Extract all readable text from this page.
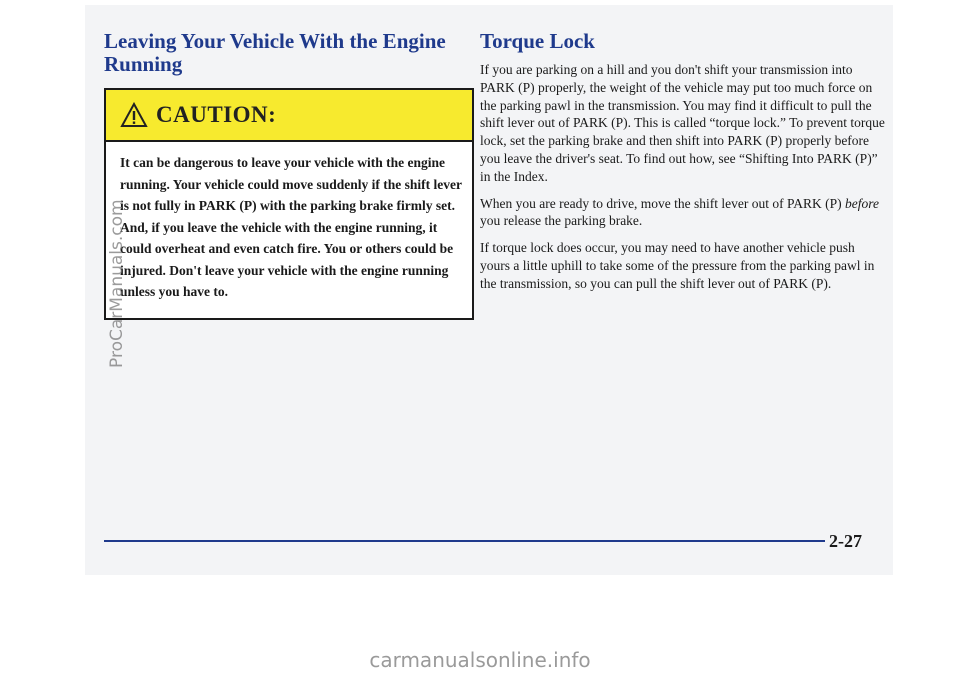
Leaving Your Vehicle With the Engine Running
CAUTION:

It can be dangerous to leave your vehicle with the engine running. Your vehicle could move suddenly if the shift lever is not fully in PARK (P) with the parking brake firmly set. And, if you leave the vehicle with the engine running, it could overheat and even catch fire. You or others could be injured. Don't leave your vehicle with the engine running unless you have to.

Torque Lock

If you are parking on a hill and you don't shift your transmission into PARK (P) properly, the weight of the vehicle may put too much force on the parking pawl in the transmission. You may find it difficult to pull the shift lever out of PARK (P). This is called “torque lock.” To prevent torque lock, set the parking brake and then shift into PARK (P) properly before you leave the driver's seat. To find out how, see “Shifting Into PARK (P)” in the Index.

When you are ready to drive, move the shift lever out of PARK (P) before you release the parking brake.

If torque lock does occur, you may need to have another vehicle push yours a little uphill to take some of the pressure from the parking pawl in the transmission, so you can pull the shift lever out of PARK (P).

2-27
ProCarManuals.com
carmanualsonline.info
